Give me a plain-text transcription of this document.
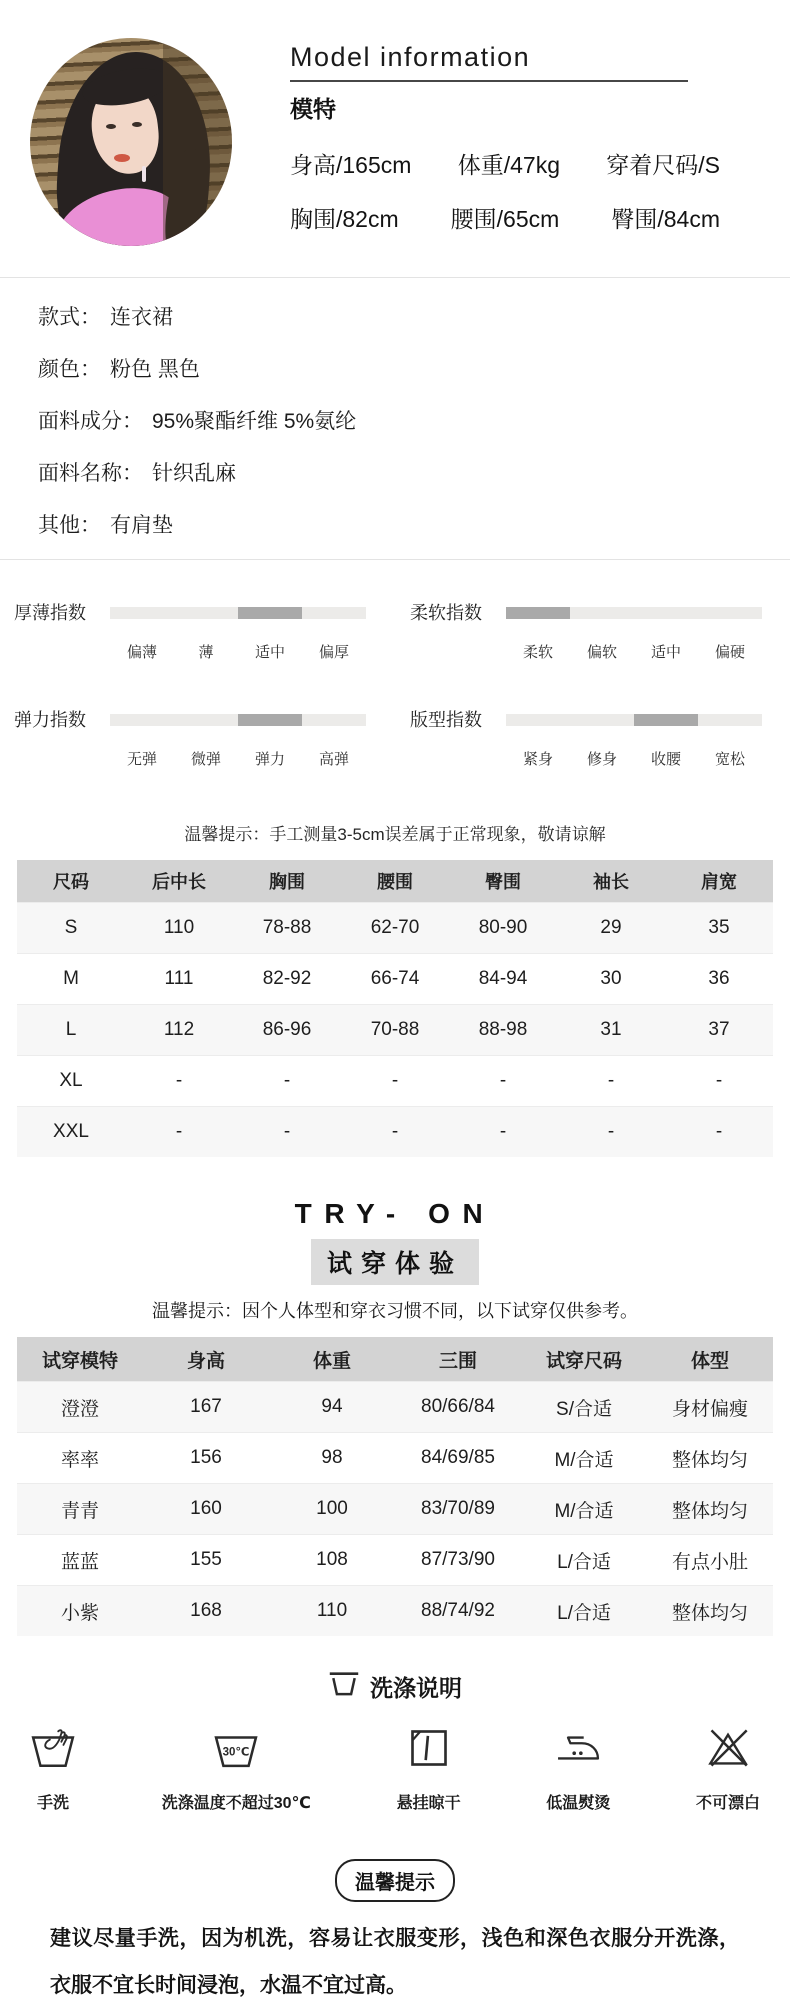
Model information
模特
身高/165cm 体重/47kg 穿着尺码/S
胸围/82cm 腰围/65cm 臀围/84cm
款式： 连衣裙
颜色： 粉色 黑色
面料成分： 95%聚酯纤维 5%氨纶
面料名称： 针织乱麻
其他： 有肩垫
厚薄指数
偏薄	薄	适中	偏厚
柔软指数
柔软	偏软	适中	偏硬
弹力指数
无弹	微弹	弹力	高弹
版型指数
紧身	修身	收腰	宽松
温馨提示：手工测量3-5cm误差属于正常现象，敬请谅解
尺码	后中长	胸围	腰围	臀围	袖长	肩宽
S	110	78-88	62-70	80-90	29	35
M	111	82-92	66-74	84-94	30	36
L	112	86-96	70-88	88-98	31	37
XL	-	-	-	-	-	-
XXL	-	-	-	-	-	-
TRY- ON
试穿体验
温馨提示：因个人体型和穿衣习惯不同，以下试穿仅供参考。
试穿模特	身高	体重	三围	试穿尺码	体型
澄澄	167	94	80/66/84	S/合适	身材偏瘦
率率	156	98	84/69/85	M/合适	整体均匀
青青	160	100	83/70/89	M/合适	整体均匀
蓝蓝	155	108	87/73/90	L/合适	有点小肚
小紫	168	110	88/74/92	L/合适	整体均匀
洗涤说明
手洗
30℃
洗涤温度不超过30℃	悬挂晾干	低温熨烫	不可漂白
温馨提示

建议尽量手洗，因为机洗，容易让衣服变形，浅色和深色衣服分开洗涤，衣服不宜长时间浸泡，水温不宜过高。
